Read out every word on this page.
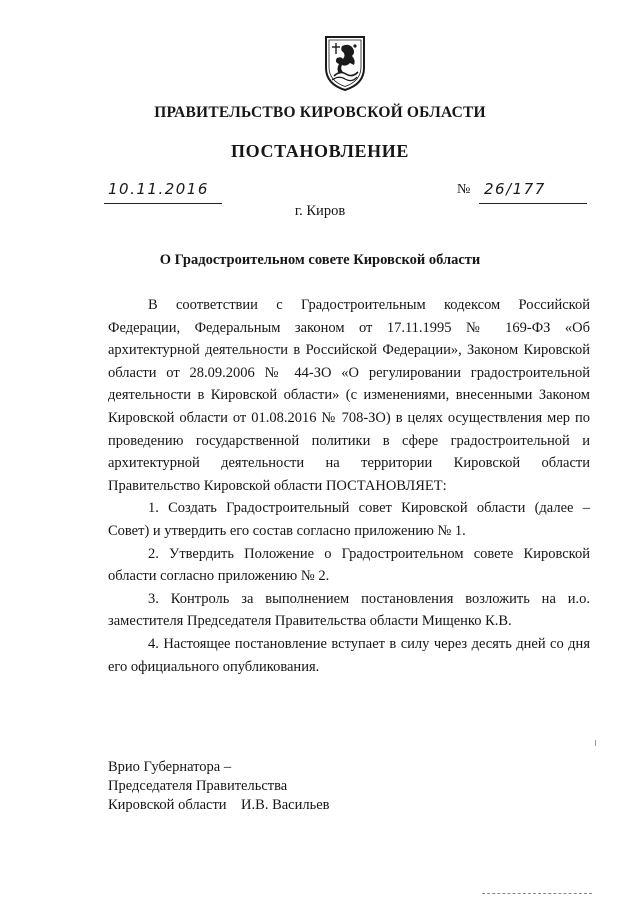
ПРАВИТЕЛЬСТВО КИРОВСКОЙ ОБЛАСТИ
ПОСТАНОВЛЕНИЕ
10.11.2016	№ 26/177
г. Киров
О Градостроительном совете Кировской области

В соответствии с Градостроительным кодексом Российской Федерации, Федеральным законом от 17.11.1995 № 169-ФЗ «Об архитектурной деятельности в Российской Федерации», Законом Кировской области от 28.09.2006 № 44-ЗО «О регулировании градостроительной деятельности в Кировской области» (с изменениями, внесенными Законом Кировской области от 01.08.2016 № 708-ЗО) в целях осуществления мер по проведению государственной политики в сфере градостроительной и архитектурной деятельности на территории Кировской области Правительство Кировской области ПОСТАНОВЛЯЕТ:

1. Создать Градостроительный совет Кировской области (далее – Совет) и утвердить его состав согласно приложению № 1.

2. Утвердить Положение о Градостроительном совете Кировской области согласно приложению № 2.

3. Контроль за выполнением постановления возложить на и.о. заместителя Председателя Правительства области Мищенко К.В.

4. Настоящее постановление вступает в силу через десять дней со дня его официального опубликования.

Врио Губернатора –
Председателя Правительства
Кировской области И.В. Васильев
